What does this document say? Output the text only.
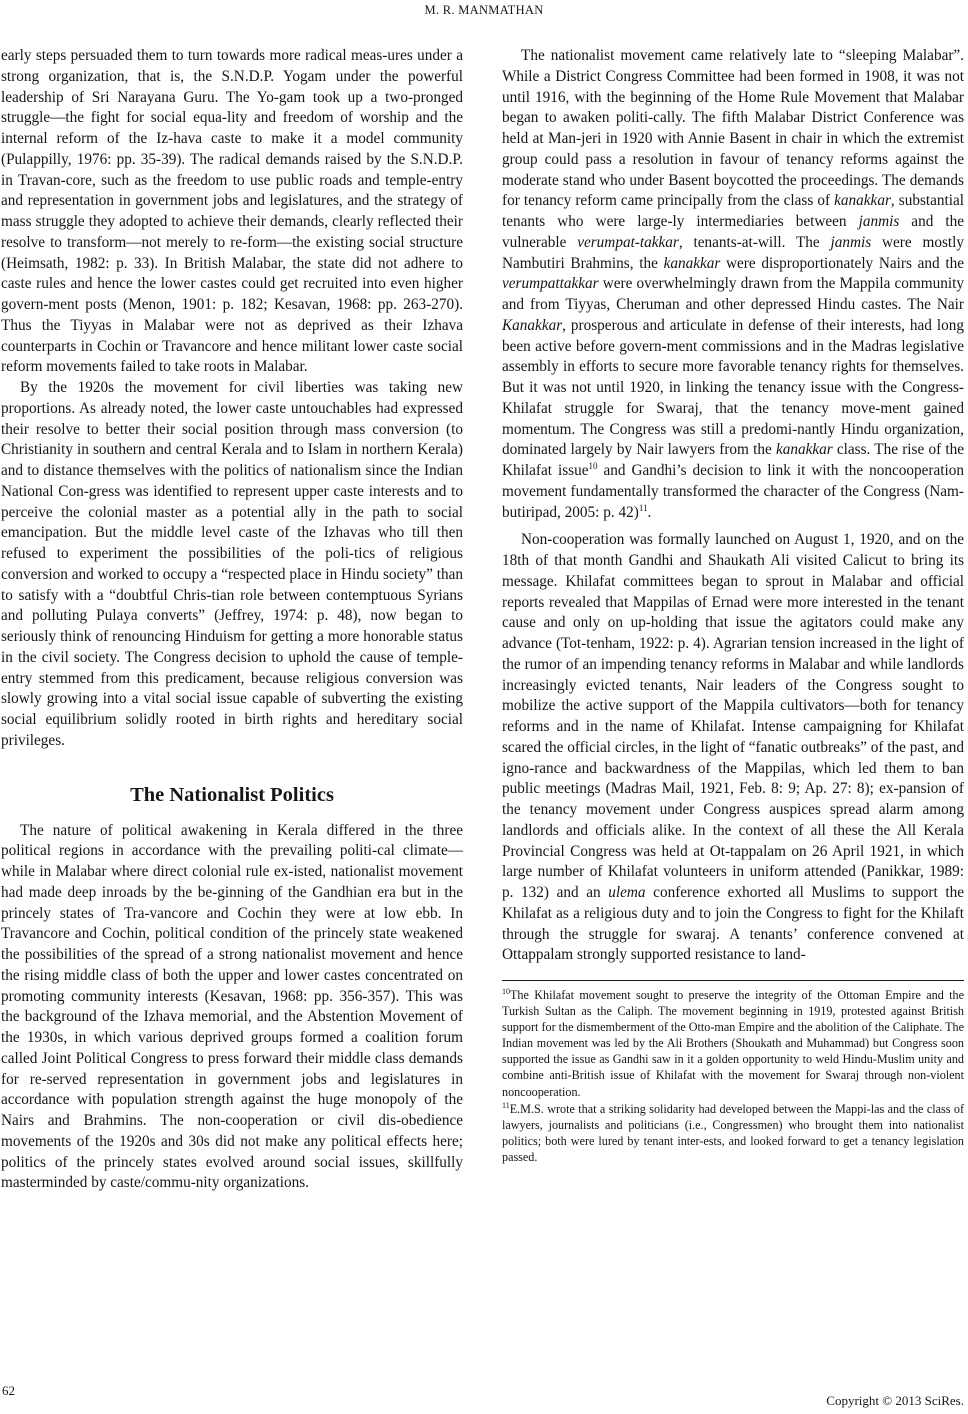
M. R. MANMATHAN

early steps persuaded them to turn towards more radical meas-ures under a strong organization, that is, the S.N.D.P. Yogam under the powerful leadership of Sri Narayana Guru. The Yo-gam took up a two-pronged struggle—the fight for social equa-lity and freedom of worship and the internal reform of the Iz-hava caste to make it a model community (Pulappilly, 1976: pp. 35-39). The radical demands raised by the S.N.D.P. in Travan-core, such as the freedom to use public roads and temple-entry and representation in government jobs and legislatures, and the strategy of mass struggle they adopted to achieve their demands, clearly reflected their resolve to transform—not merely to re-form—the existing social structure (Heimsath, 1982: p. 33). In British Malabar, the state did not adhere to caste rules and hence the lower castes could get recruited into even higher govern-ment posts (Menon, 1901: p. 182; Kesavan, 1968: pp. 263-270). Thus the Tiyyas in Malabar were not as deprived as their Izhava counterparts in Cochin or Travancore and hence militant lower caste social reform movements failed to take roots in Malabar.

By the 1920s the movement for civil liberties was taking new proportions. As already noted, the lower caste untouchables had expressed their resolve to better their social position through mass conversion (to Christianity in southern and central Kerala and to Islam in northern Kerala) and to distance themselves with the politics of nationalism since the Indian National Con-gress was identified to represent upper caste interests and to perceive the colonial master as a potential ally in the path to social emancipation. But the middle level caste of the Izhavas who till then refused to experiment the possibilities of the poli-tics of religious conversion and worked to occupy a “respected place in Hindu society” than to satisfy with a “doubtful Chris-tian role between contemptuous Syrians and polluting Pulaya converts” (Jeffrey, 1974: p. 48), now began to seriously think of renouncing Hinduism for getting a more honorable status in the civil society. The Congress decision to uphold the cause of temple-entry stemmed from this predicament, because religious conversion was slowly growing into a vital social issue capable of subverting the existing social equilibrium solidly rooted in birth rights and hereditary social privileges.

The Nationalist Politics

The nature of political awakening in Kerala differed in the three political regions in accordance with the prevailing politi-cal climate—while in Malabar where direct colonial rule ex-isted, nationalist movement had made deep inroads by the be-ginning of the Gandhian era but in the princely states of Tra-vancore and Cochin they were at low ebb. In Travancore and Cochin, political condition of the princely state weakened the possibilities of the spread of a strong nationalist movement and hence the rising middle class of both the upper and lower castes concentrated on promoting community interests (Kesavan, 1968: pp. 356-357). This was the background of the Izhava memorial, and the Abstention Movement of the 1930s, in which various deprived groups formed a coalition forum called Joint Political Congress to press forward their middle class demands for re-served representation in government jobs and legislatures in accordance with population strength against the huge monopoly of the Nairs and Brahmins. The non-cooperation or civil dis-obedience movements of the 1920s and 30s did not make any political effects here; politics of the princely states evolved around social issues, skillfully masterminded by caste/commu-nity organizations.

The nationalist movement came relatively late to “sleeping Malabar”. While a District Congress Committee had been formed in 1908, it was not until 1916, with the beginning of the Home Rule Movement that Malabar began to awaken politi-cally. The fifth Malabar District Conference was held at Man-jeri in 1920 with Annie Basent in chair in which the extremist group could pass a resolution in favour of tenancy reforms against the moderate stand who under Basent boycotted the proceedings. The demands for tenancy reform came principally from the class of kanakkar, substantial tenants who were large-ly intermediaries between janmis and the vulnerable verumpat-takkar, tenants-at-will. The janmis were mostly Nambutiri Brahmins, the kanakkar were disproportionately Nairs and the verumpattakkar were overwhelmingly drawn from the Mappila community and from Tiyyas, Cheruman and other depressed Hindu castes. The Nair Kanakkar, prosperous and articulate in defense of their interests, had long been active before govern-ment commissions and in the Madras legislative assembly in efforts to secure more favorable tenancy rights for themselves. But it was not until 1920, in linking the tenancy issue with the Congress-Khilafat struggle for Swaraj, that the tenancy move-ment gained momentum. The Congress was still a predomi-nantly Hindu organization, dominated largely by Nair lawyers from the kanakkar class. The rise of the Khilafat issue$^{10}$ and Gandhi’s decision to link it with the noncooperation movement fundamentally transformed the character of the Congress (Nam-butiripad, 2005: p. 42)$^{11}$.

Non-cooperation was formally launched on August 1, 1920, and on the 18th of that month Gandhi and Shaukath Ali visited Calicut to bring its message. Khilafat committees began to sprout in Malabar and official reports revealed that Mappilas of Ernad were more interested in the tenant cause and only on up-holding that issue the agitators could make any advance (Tot-tenham, 1922: p. 4). Agrarian tension increased in the light of the rumor of an impending tenancy reforms in Malabar and while landlords increasingly evicted tenants, Nair leaders of the Congress sought to mobilize the active support of the Mappila cultivators—both for tenancy reforms and in the name of Khilafat. Intense campaigning for Khilafat scared the official circles, in the light of “fanatic outbreaks” of the past, and igno-rance and backwardness of the Mappilas, which led them to ban public meetings (Madras Mail, 1921, Feb. 8: 9; Ap. 27: 8); ex-pansion of the tenancy movement under Congress auspices spread alarm among landlords and officials alike. In the context of all these the All Kerala Provincial Congress was held at Ot-tappalam on 26 April 1921, in which large number of Khilafat volunteers in uniform attended (Panikkar, 1989: p. 132) and an ulema conference exhorted all Muslims to support the Khilafat as a religious duty and to join the Congress to fight for the Khilaft through the struggle for swaraj. A tenants’ conference convened at Ottappalam strongly supported resistance to land-

$^{10}$The Khilafat movement sought to preserve the integrity of the Ottoman Empire and the Turkish Sultan as the Caliph. The movement beginning in 1919, protested against British support for the dismemberment of the Otto-man Empire and the abolition of the Caliphate. The Indian movement was led by the Ali Brothers (Shoukath and Muhammad) but Congress soon supported the issue as Gandhi saw in it a golden opportunity to weld Hindu-Muslim unity and combine anti-British issue of Khilafat with the movement for Swaraj through non-violent noncooperation.

$^{11}$E.M.S. wrote that a striking solidarity had developed between the Mappi-las and the class of lawyers, journalists and politicians (i.e., Congressmen) who brought them into nationalist politics; both were lured by tenant inter-ests, and looked forward to get a tenancy legislation passed.

62
Copyright © 2013 SciRes.
